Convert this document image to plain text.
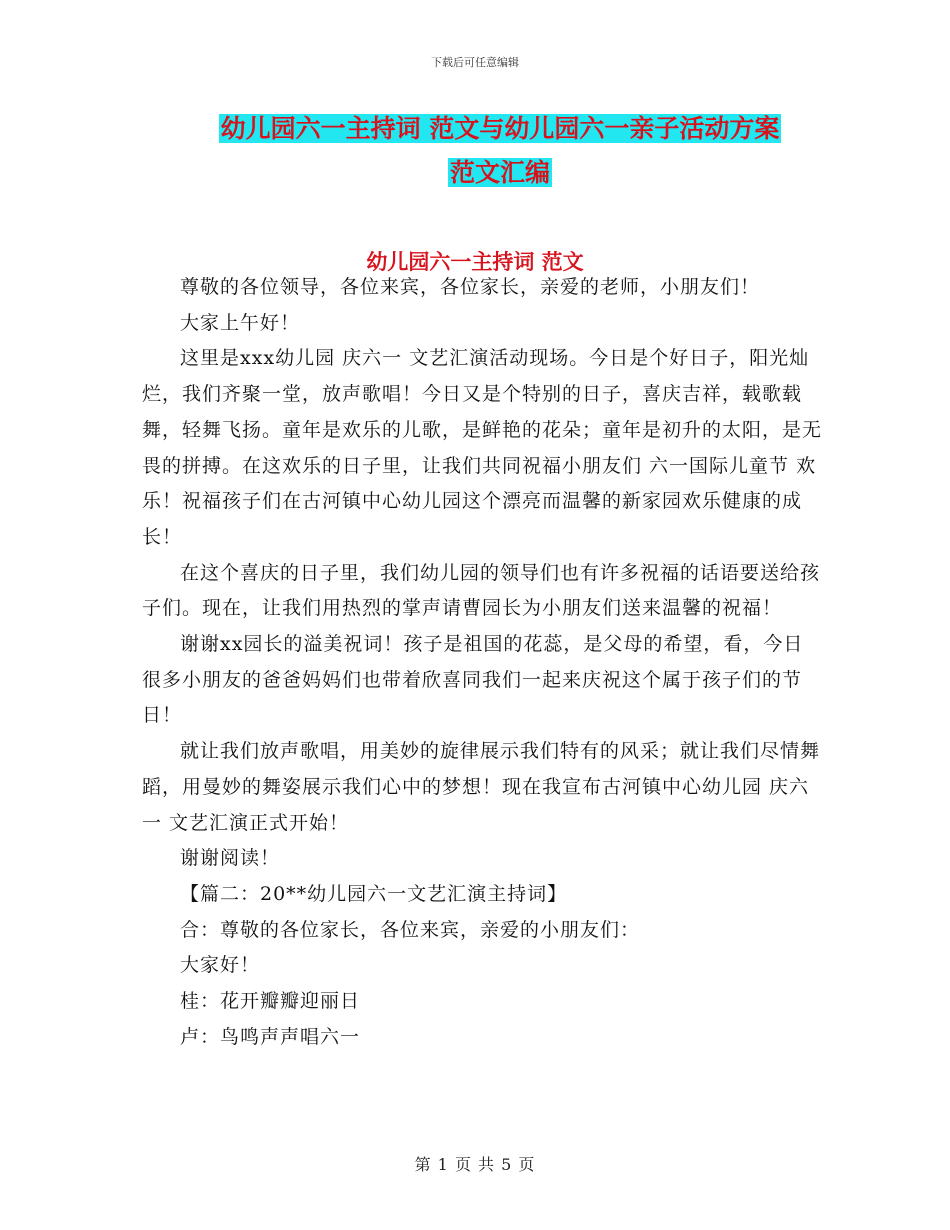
下载后可任意编辑
幼儿园六一主持词 范文与幼儿园六一亲子活动方案
范文汇编
幼儿园六一主持词 范文

尊敬的各位领导，各位来宾，各位家长，亲爱的老师，小朋友们！

大家上午好！

这里是xxx幼儿园 庆六一 文艺汇演活动现场。今日是个好日子，阳光灿烂，我们齐聚一堂，放声歌唱！今日又是个特别的日子，喜庆吉祥，载歌载舞，轻舞飞扬。童年是欢乐的儿歌，是鲜艳的花朵；童年是初升的太阳，是无畏的拼搏。在这欢乐的日子里，让我们共同祝福小朋友们 六一国际儿童节 欢乐！祝福孩子们在古河镇中心幼儿园这个漂亮而温馨的新家园欢乐健康的成长！

在这个喜庆的日子里，我们幼儿园的领导们也有许多祝福的话语要送给孩子们。现在，让我们用热烈的掌声请曹园长为小朋友们送来温馨的祝福！

谢谢xx园长的溢美祝词！孩子是祖国的花蕊，是父母的希望，看，今日很多小朋友的爸爸妈妈们也带着欣喜同我们一起来庆祝这个属于孩子们的节日！

就让我们放声歌唱，用美妙的旋律展示我们特有的风采；就让我们尽情舞蹈，用曼妙的舞姿展示我们心中的梦想！现在我宣布古河镇中心幼儿园 庆六一 文艺汇演正式开始！

谢谢阅读！

【篇二：20**幼儿园六一文艺汇演主持词】

合：尊敬的各位家长，各位来宾，亲爱的小朋友们：

大家好！

桂：花开瓣瓣迎丽日

卢：鸟鸣声声唱六一

第 1 页 共 5 页
